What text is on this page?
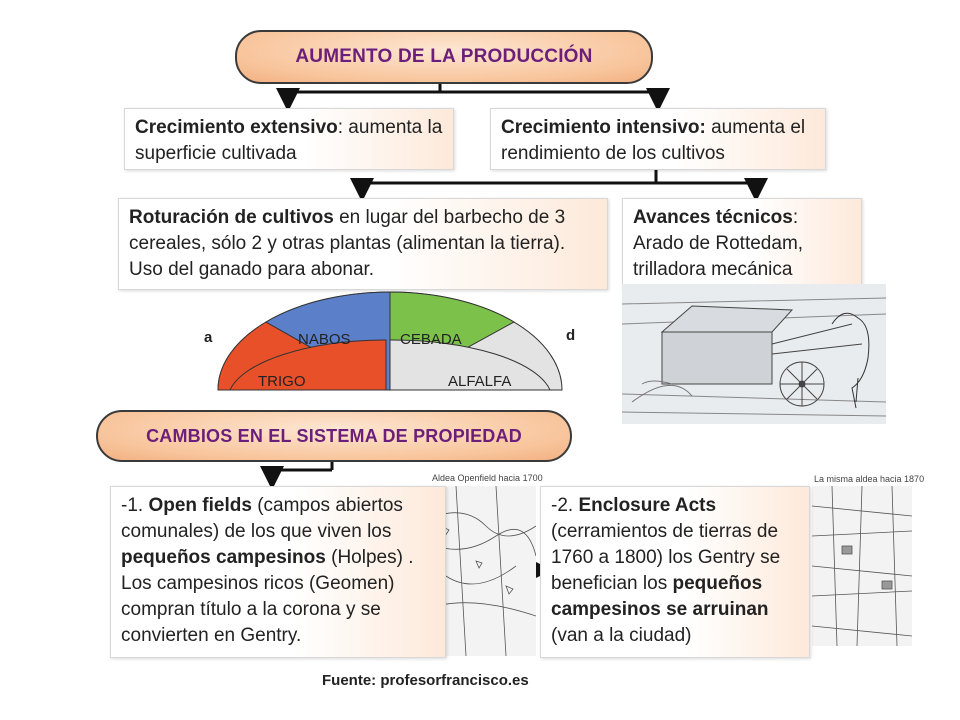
AUMENTO DE LA PRODUCCIÓN
Crecimiento extensivo: aumenta la superficie cultivada
Crecimiento intensivo: aumenta el rendimiento de los cultivos
Roturación de cultivos en lugar del barbecho de 3 cereales, sólo 2 y otras plantas (alimentan la tierra). Uso del ganado para abonar.
Avances técnicos: Arado de Rottedam, trilladora mecánica
NABOS	CEBADA
TRIGO	ALFALFA
a	d
CAMBIOS EN EL SISTEMA DE PROPIEDAD
Aldea Openfield hacia 1700	La misma aldea hacia 1870
-1. Open fields (campos abiertos comunales) de los que viven los pequeños campesinos (Holpes) . Los campesinos ricos (Geomen) compran título a la corona y se convierten en Gentry.
-2. Enclosure Acts (cerramientos de tierras de 1760 a 1800) los Gentry se benefician los pequeños campesinos se arruinan (van a la ciudad)
Fuente: profesorfrancisco.es
